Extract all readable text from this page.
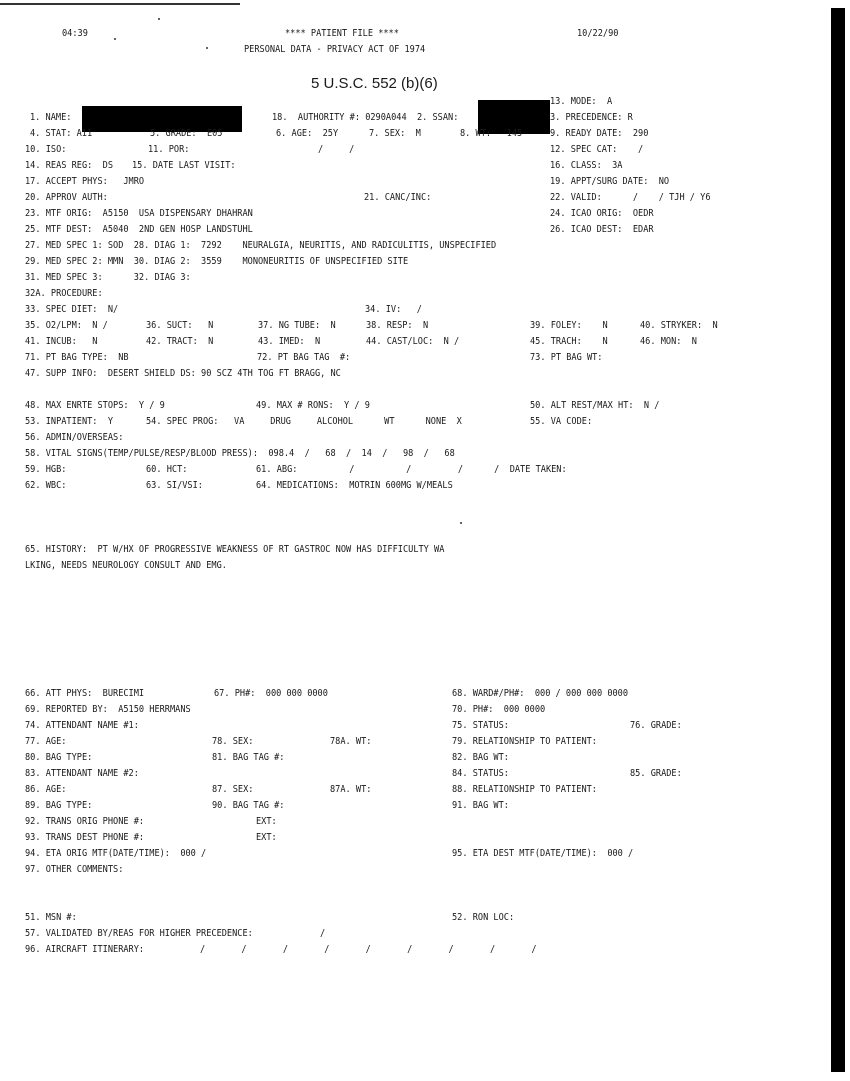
04:39	**** PATIENT FILE ****	10/22/90
PERSONAL DATA - PRIVACY ACT OF 1974
5 U.S.C. 552 (b)(6)
13. MODE:  A
1. NAME:	18.  AUTHORITY #: 0290A044  2. SSAN:	3. PRECEDENCE: R
4. STAT: A11	5. GRADE:  E05	6. AGE:  25Y	7. SEX:  M	8. WT:   145	9. READY DATE:  290
10. ISO:	11. POR:	/     /	12. SPEC CAT:    /
14. REAS REG:  DS 15. DATE LAST VISIT:	16. CLASS:  3A
17. ACCEPT PHYS:   JMRO	19. APPT/SURG DATE:  NO
20. APPROV AUTH:	21. CANC/INC:	22. VALID:      /    / TJH / Y6
23. MTF ORIG:  A5150  USA DISPENSARY DHAHRAN	24. ICAO ORIG:  OEDR
25. MTF DEST:  A5040  2ND GEN HOSP LANDSTUHL	26. ICAO DEST:  EDAR
27. MED SPEC 1: SOD  28. DIAG 1:  7292    NEURALGIA, NEURITIS, AND RADICULITIS, UNSPECIFIED
29. MED SPEC 2: MMN  30. DIAG 2:  3559    MONONEURITIS OF UNSPECIFIED SITE
31. MED SPEC 3:      32. DIAG 3:
32A. PROCEDURE:
33. SPEC DIET:  N/	34. IV:   /
35. O2/LPM:  N /	36. SUCT:   N	37. NG TUBE:  N	38. RESP:  N	39. FOLEY:    N	40. STRYKER:  N
41. INCUB:   N	42. TRACT:  N	43. IMED:  N	44. CAST/LOC:  N /	45. TRACH:    N	46. MON:  N
71. PT BAG TYPE:  NB	72. PT BAG TAG  #:	73. PT BAG WT:
47. SUPP INFO:  DESERT SHIELD DS: 90 SCZ 4TH TOG FT BRAGG, NC
48. MAX ENRTE STOPS:  Y / 9	49. MAX # RONS:  Y / 9	50. ALT REST/MAX HT:  N /
53. INPATIENT:  Y	54. SPEC PROG:   VA     DRUG     ALCOHOL      WT      NONE  X	55. VA CODE:
56. ADMIN/OVERSEAS:
58. VITAL SIGNS(TEMP/PULSE/RESP/BLOOD PRESS):  098.4  /   68  /  14  /   98  /   68
59. HGB:	60. HCT:	61. ABG:          /          /         /      /  DATE TAKEN:
62. WBC:	63. SI/VSI:	64. MEDICATIONS:  MOTRIN 600MG W/MEALS
65. HISTORY:  PT W/HX OF PROGRESSIVE WEAKNESS OF RT GASTROC NOW HAS DIFFICULTY WA
LKING, NEEDS NEUROLOGY CONSULT AND EMG.
66. ATT PHYS:  BURECIMI	67. PH#:  000 000 0000	68. WARD#/PH#:  000 / 000 000 0000
69. REPORTED BY:  A5150 HERRMANS	70. PH#:  000 0000
74. ATTENDANT NAME #1:	75. STATUS:	76. GRADE:
77. AGE:	78. SEX:	78A. WT:	79. RELATIONSHIP TO PATIENT:
80. BAG TYPE:	81. BAG TAG #:	82. BAG WT:
83. ATTENDANT NAME #2:	84. STATUS:	85. GRADE:
86. AGE:	87. SEX:	87A. WT:	88. RELATIONSHIP TO PATIENT:
89. BAG TYPE:	90. BAG TAG #:	91. BAG WT:
92. TRANS ORIG PHONE #:	EXT:
93. TRANS DEST PHONE #:	EXT:
94. ETA ORIG MTF(DATE/TIME):  000 /	95. ETA DEST MTF(DATE/TIME):  000 /
97. OTHER COMMENTS:
51. MSN #:	52. RON LOC:
57. VALIDATED BY/REAS FOR HIGHER PRECEDENCE:	/
96. AIRCRAFT ITINERARY:	/       /       /       /       /       /       /       /       /
